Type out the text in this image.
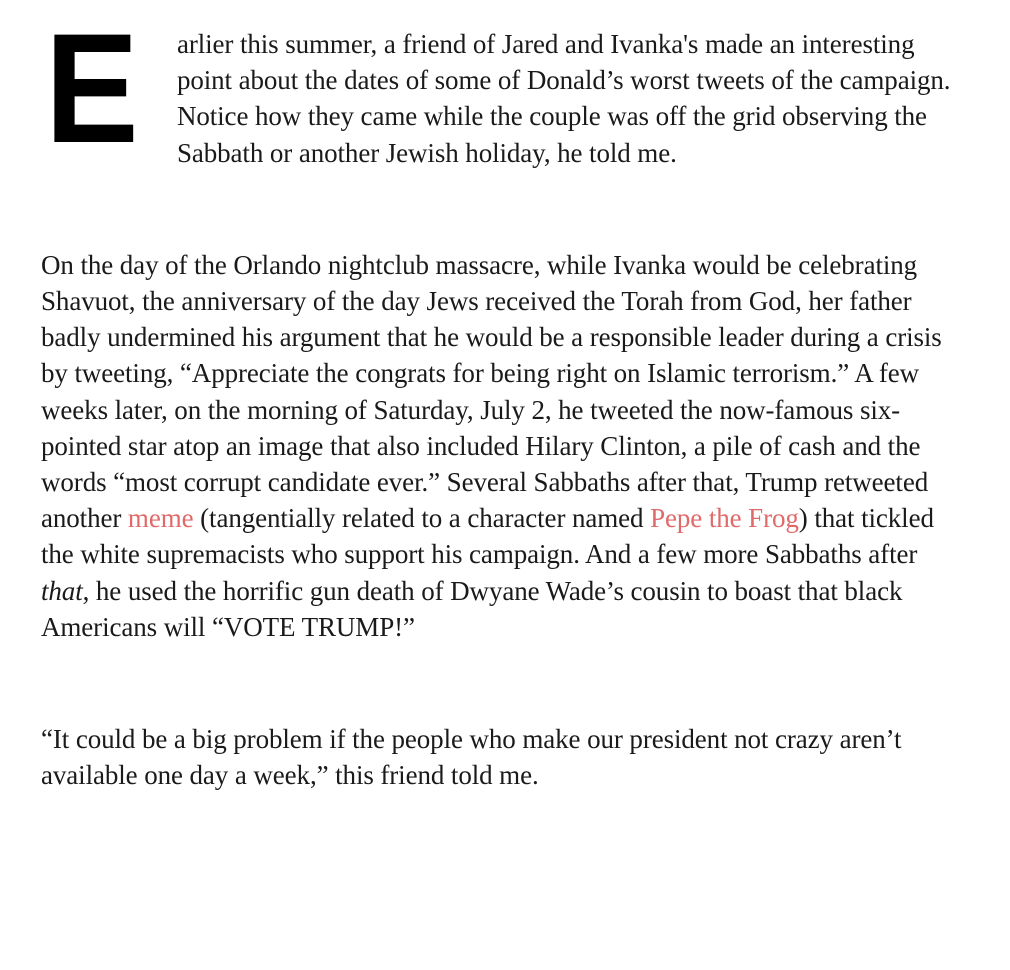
E arlier this summer, a friend of Jared and Ivanka's made an interesting point about the dates of some of Donald’s worst tweets of the campaign. Notice how they came while the couple was off the grid observing the Sabbath or another Jewish holiday, he told me.

On the day of the Orlando nightclub massacre, while Ivanka would be celebrating Shavuot, the anniversary of the day Jews received the Torah from God, her father badly undermined his argument that he would be a responsible leader during a crisis by tweeting, “Appreciate the congrats for being right on Islamic terrorism.” A few weeks later, on the morning of Saturday, July 2, he tweeted the now-famous six-pointed star atop an image that also included Hilary Clinton, a pile of cash and the words “most corrupt candidate ever.” Several Sabbaths after that, Trump retweeted another meme (tangentially related to a character named Pepe the Frog) that tickled the white supremacists who support his campaign. And a few more Sabbaths after that, he used the horrific gun death of Dwyane Wade’s cousin to boast that black Americans will “VOTE TRUMP!”

“It could be a big problem if the people who make our president not crazy aren’t available one day a week,” this friend told me.
